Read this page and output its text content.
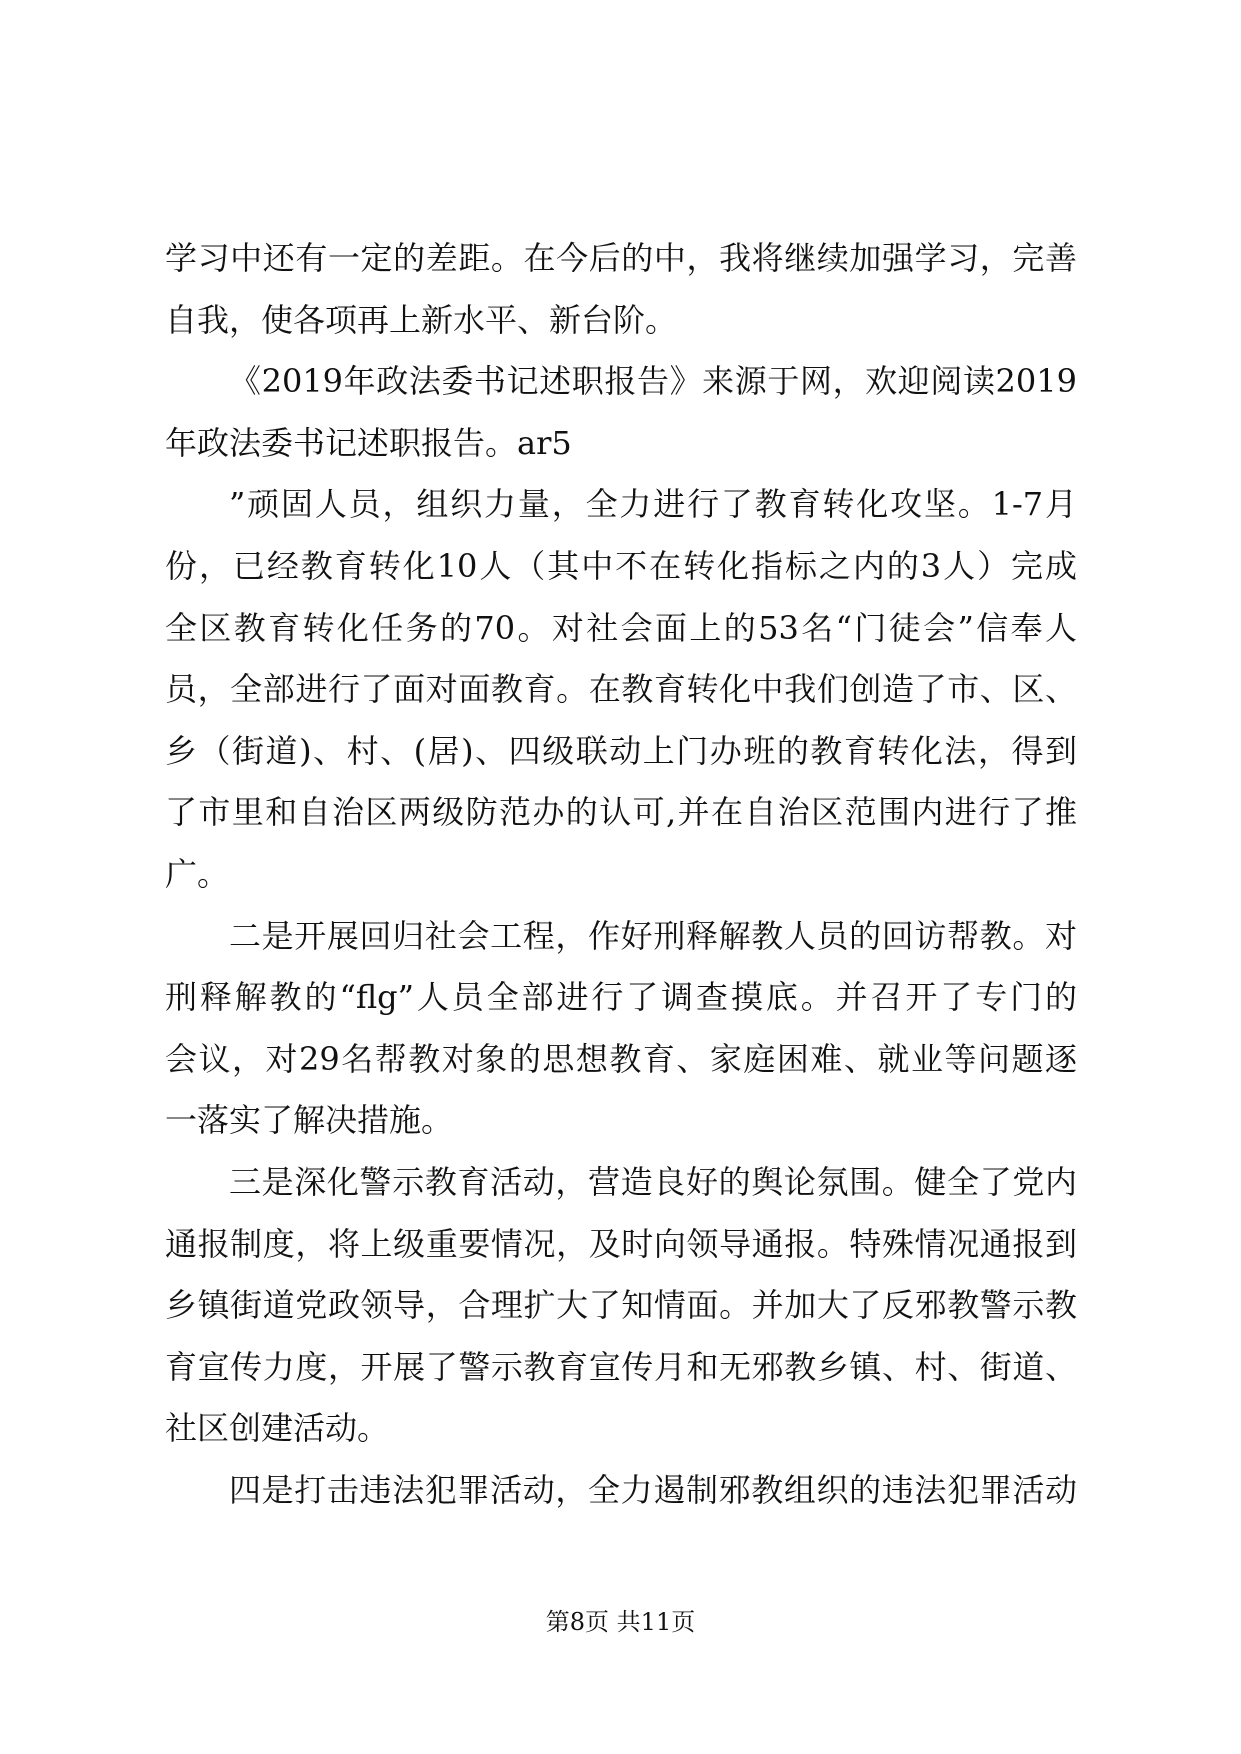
学习中还有一定的差距。在今后的中，我将继续加强学习，完善
自我，使各项再上新水平、新台阶。
《2019年政法委书记述职报告》来源于网，欢迎阅读2019
年政法委书记述职报告。ar5
”顽固人员，组织力量，全力进行了教育转化攻坚。1-7月
份，已经教育转化10人（其中不在转化指标之内的3人）完成
全区教育转化任务的70。对社会面上的53名“门徒会”信奉人
员，全部进行了面对面教育。在教育转化中我们创造了市、区、
乡（街道)、村、(居)、四级联动上门办班的教育转化法，得到
了市里和自治区两级防范办的认可,并在自治区范围内进行了推
广。
二是开展回归社会工程，作好刑释解教人员的回访帮教。对
刑释解教的“flg”人员全部进行了调查摸底。并召开了专门的
会议，对29名帮教对象的思想教育、家庭困难、就业等问题逐
一落实了解决措施。
三是深化警示教育活动，营造良好的舆论氛围。健全了党内
通报制度，将上级重要情况，及时向领导通报。特殊情况通报到
乡镇街道党政领导，合理扩大了知情面。并加大了反邪教警示教
育宣传力度，开展了警示教育宣传月和无邪教乡镇、村、街道、
社区创建活动。
四是打击违法犯罪活动，全力遏制邪教组织的违法犯罪活动
第8页 共11页
